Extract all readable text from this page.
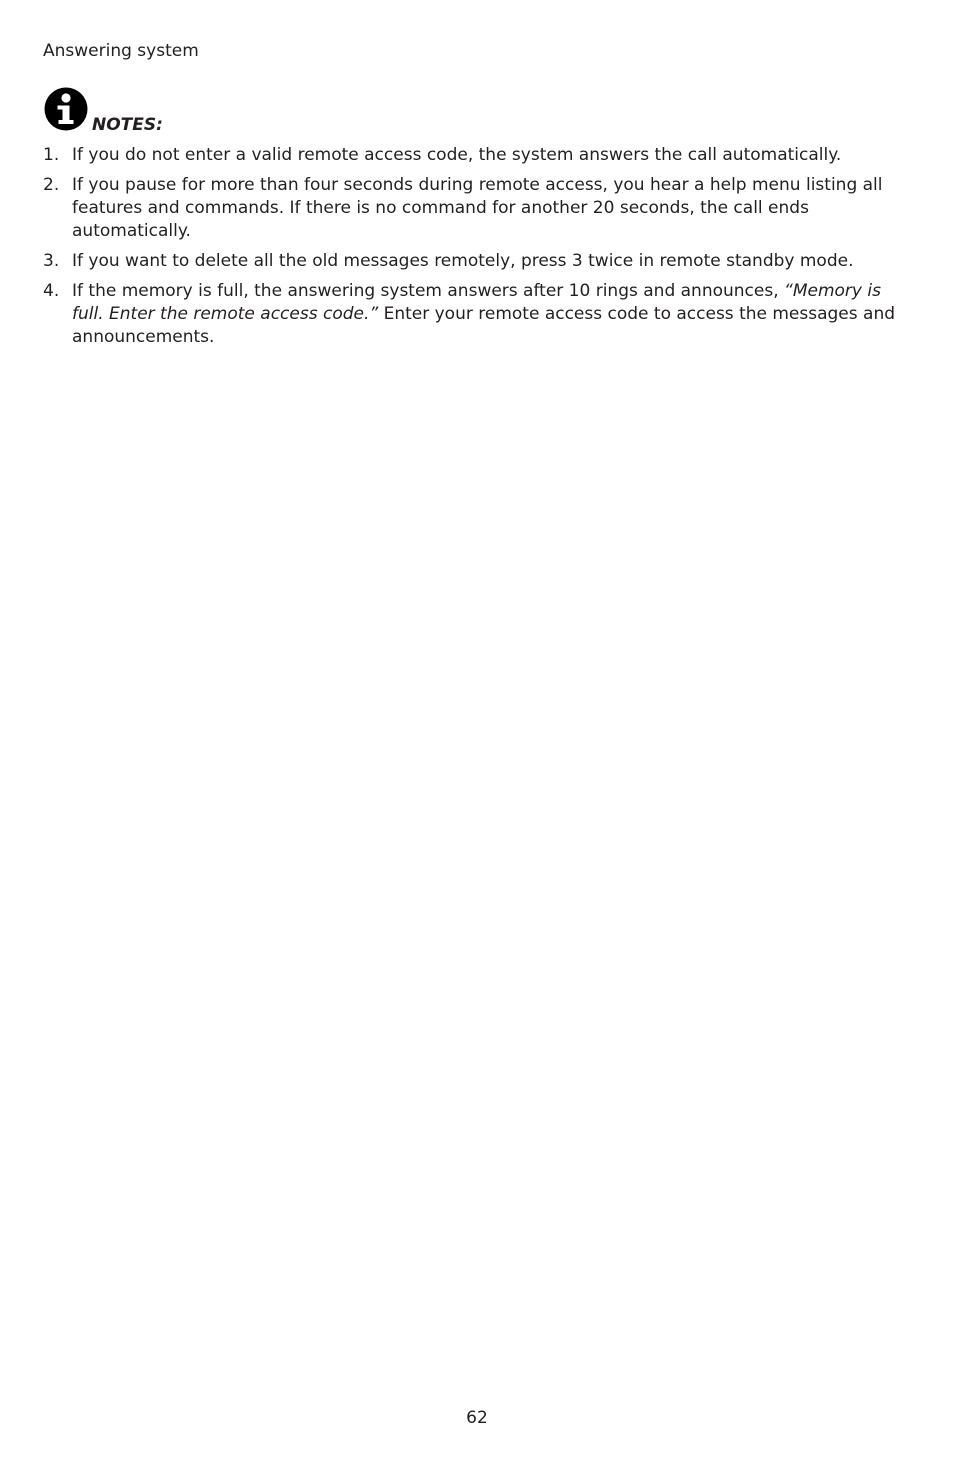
Answering system
NOTES:
1. If you do not enter a valid remote access code, the system answers the call automatically.
2. If you pause for more than four seconds during remote access, you hear a help menu listing all features and commands. If there is no command for another 20 seconds, the call ends automatically.
3. If you want to delete all the old messages remotely, press 3 twice in remote standby mode.
4. If the memory is full, the answering system answers after 10 rings and announces, “Memory is full. Enter the remote access code.” Enter your remote access code to access the messages and announcements.
62
